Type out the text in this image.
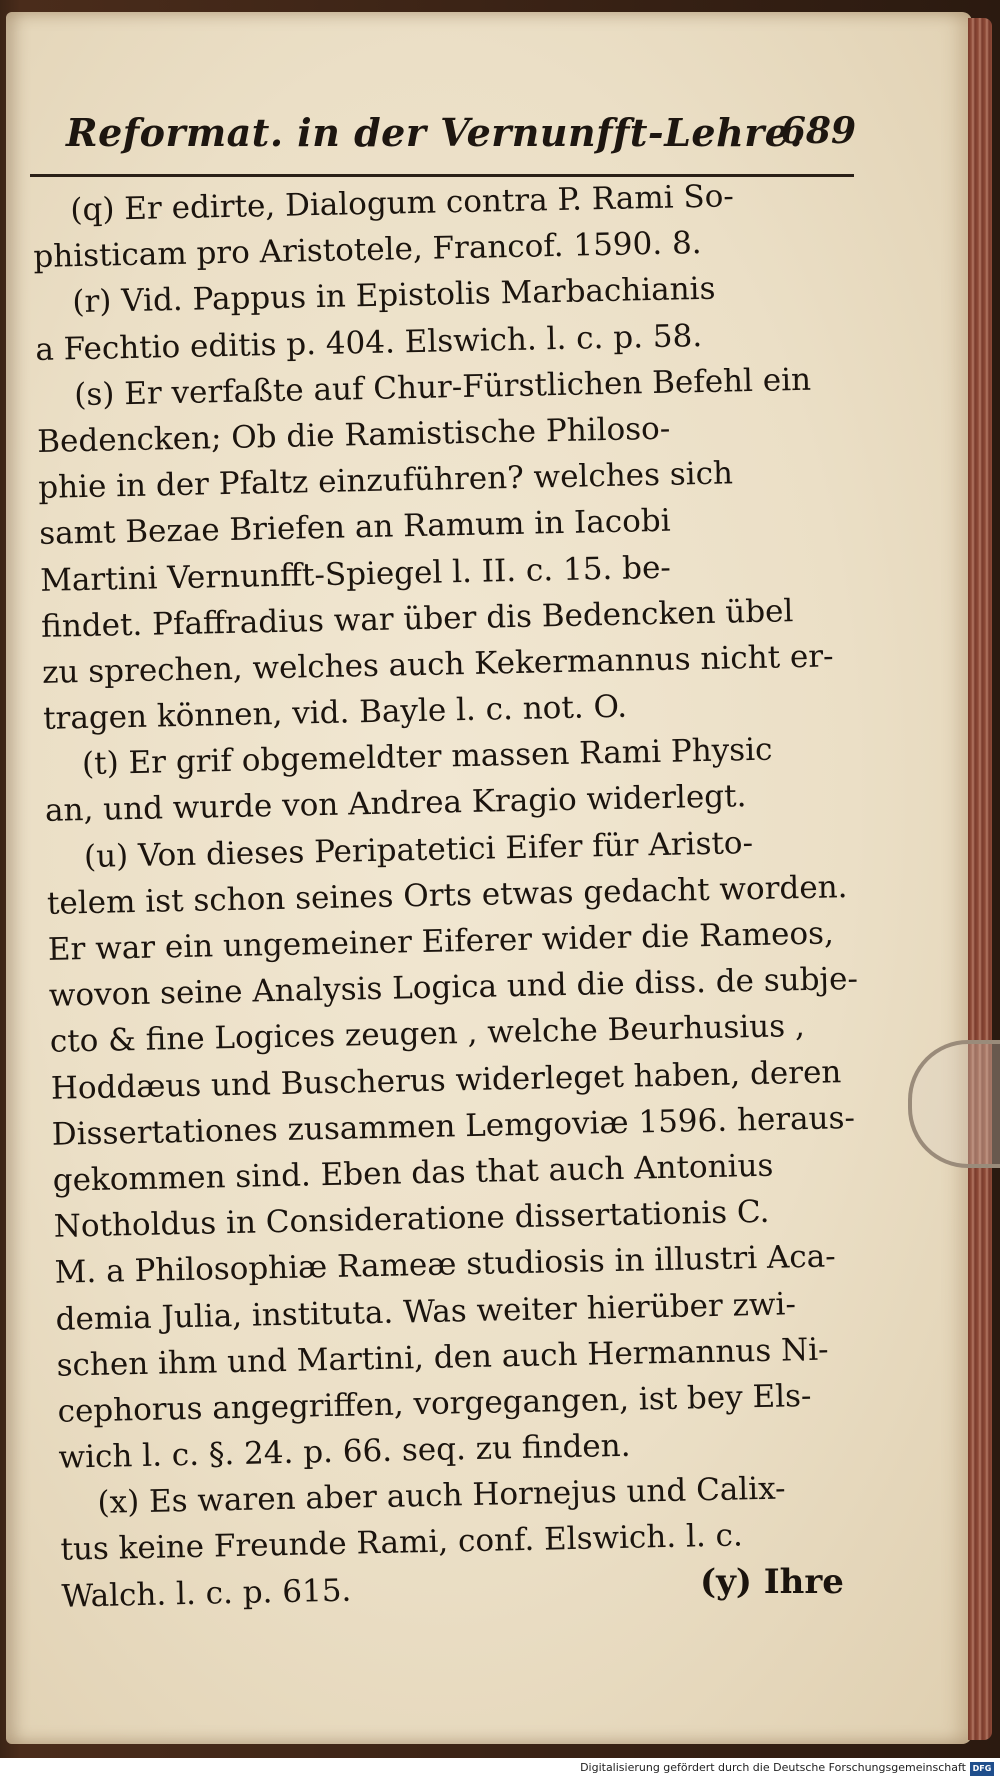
Reformat. in der Vernunfft-Lehre.
689
(q) Er edirte, Dialogum contra P. Rami So-
phisticam pro Aristotele, Francof. 1590. 8.
(r) Vid. Pappus in Epistolis Marbachianis
a Fechtio editis p. 404. Elswich. l. c. p. 58.
(s) Er verfaßte auf Chur-Fürstlichen Befehl ein
Bedencken; Ob die Ramistische Philoso-
phie in der Pfaltz einzuführen? welches sich
samt Bezae Briefen an Ramum in Iacobi
Martini Vernunfft-Spiegel l. II. c. 15. be-
findet. Pfaffradius war über dis Bedencken übel
zu sprechen, welches auch Kekermannus nicht er-
tragen können, vid. Bayle l. c. not. O.
(t) Er grif obgemeldter massen Rami Physic
an, und wurde von Andrea Kragio widerlegt.
(u) Von dieses Peripatetici Eifer für Aristo-
telem ist schon seines Orts etwas gedacht worden.
Er war ein ungemeiner Eiferer wider die Rameos,
wovon seine Analysis Logica und die diss. de subje-
cto & fine Logices zeugen , welche Beurhusius ,
Hoddæus und Buscherus widerleget haben, deren
Dissertationes zusammen Lemgoviæ 1596. heraus-
gekommen sind. Eben das that auch Antonius
Notholdus in Consideratione dissertationis C.
M. a Philosophiæ Rameæ studiosis in illustri Aca-
demia Julia, instituta. Was weiter hierüber zwi-
schen ihm und Martini, den auch Hermannus Ni-
cephorus angegriffen, vorgegangen, ist bey Els-
wich l. c. §. 24. p. 66. seq. zu finden.
(x) Es waren aber auch Hornejus und Calix-
tus keine Freunde Rami, conf. Elswich. l. c.
Walch. l. c. p. 615.	(y) Ihre
Digitalisierung gefördert durch die Deutsche Forschungsgemeinschaft DFG
